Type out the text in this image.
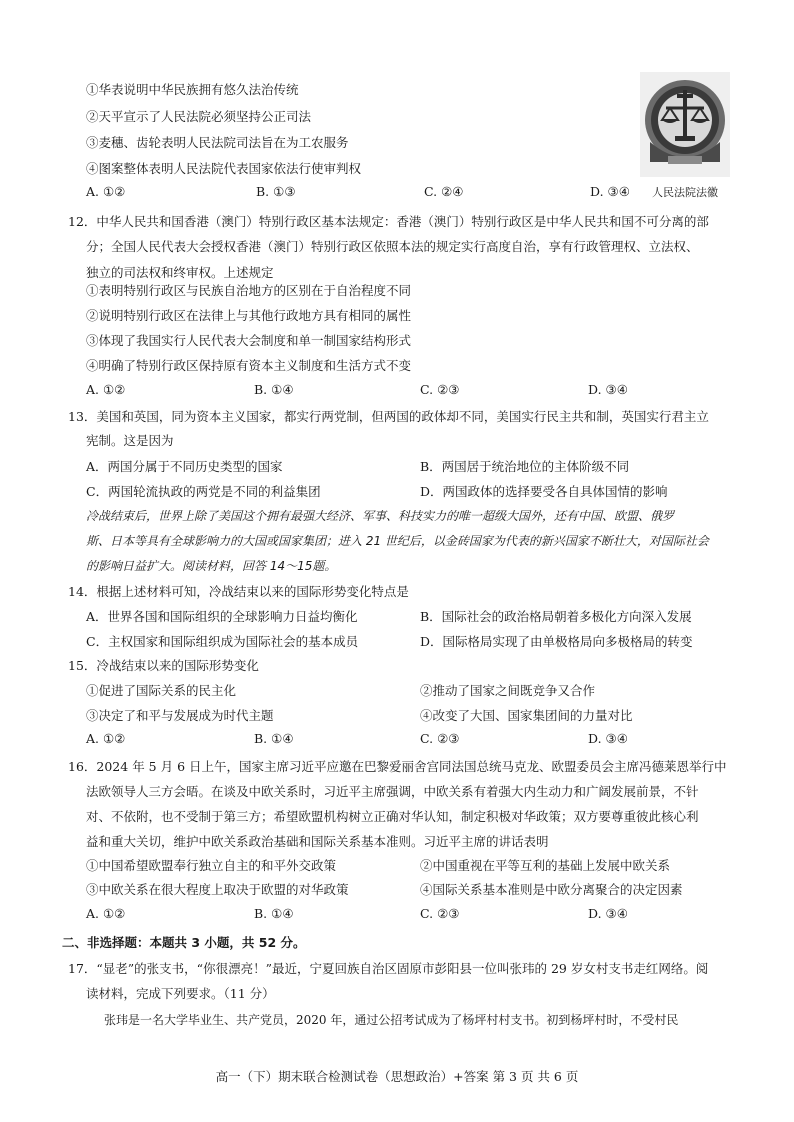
①华表说明中华民族拥有悠久法治传统
②天平宣示了人民法院必须坚持公正司法
③麦穗、齿轮表明人民法院司法旨在为工农服务
④图案整体表明人民法院代表国家依法行使审判权
A. ①②	B. ①③	C. ②④	D. ③④ 人民法院法徽
12．中华人民共和国香港（澳门）特别行政区基本法规定：香港（澳门）特别行政区是中华人民共和国不可分离的部
分；全国人民代表大会授权香港（澳门）特别行政区依照本法的规定实行高度自治，享有行政管理权、立法权、
独立的司法权和终审权。上述规定
①表明特别行政区与民族自治地方的区别在于自治程度不同
②说明特别行政区在法律上与其他行政地方具有相同的属性
③体现了我国实行人民代表大会制度和单一制国家结构形式
④明确了特别行政区保持原有资本主义制度和生活方式不变
A. ①②	B. ①④	C. ②③	D. ③④
13．美国和英国，同为资本主义国家，都实行两党制，但两国的政体却不同，美国实行民主共和制，英国实行君主立
宪制。这是因为
A．两国分属于不同历史类型的国家	B．两国居于统治地位的主体阶级不同
C．两国轮流执政的两党是不同的利益集团	D．两国政体的选择要受各自具体国情的影响
冷战结束后，世界上除了美国这个拥有最强大经济、军事、科技实力的唯一超级大国外，还有中国、欧盟、俄罗
斯、日本等具有全球影响力的大国或国家集团；进入 21 世纪后，以金砖国家为代表的新兴国家不断壮大，对国际社会
的影响日益扩大。阅读材料，回答 14～15题。
14．根据上述材料可知，冷战结束以来的国际形势变化特点是
A．世界各国和国际组织的全球影响力日益均衡化	B．国际社会的政治格局朝着多极化方向深入发展
C．主权国家和国际组织成为国际社会的基本成员	D．国际格局实现了由单极格局向多极格局的转变
15．冷战结束以来的国际形势变化
①促进了国际关系的民主化	②推动了国家之间既竞争又合作
③决定了和平与发展成为时代主题	④改变了大国、国家集团间的力量对比
A. ①②	B. ①④	C. ②③	D. ③④
16．2024 年 5 月 6 日上午，国家主席习近平应邀在巴黎爱丽舍宫同法国总统马克龙、欧盟委员会主席冯德莱恩举行中
法欧领导人三方会晤。在谈及中欧关系时，习近平主席强调，中欧关系有着强大内生动力和广阔发展前景，不针
对、不依附，也不受制于第三方；希望欧盟机构树立正确对华认知，制定积极对华政策；双方要尊重彼此核心利
益和重大关切，维护中欧关系政治基础和国际关系基本准则。习近平主席的讲话表明
①中国希望欧盟奉行独立自主的和平外交政策	②中国重视在平等互利的基础上发展中欧关系
③中欧关系在很大程度上取决于欧盟的对华政策	④国际关系基本准则是中欧分离聚合的决定因素
A. ①②	B. ①④	C. ②③	D. ③④
二、非选择题：本题共 3 小题，共 52 分。
17．“显老”的张支书，“你很漂亮！”最近，宁夏回族自治区固原市彭阳县一位叫张玮的 29 岁女村支书走红网络。阅
读材料，完成下列要求。（11 分）
张玮是一名大学毕业生、共产党员，2020 年，通过公招考试成为了杨坪村村支书。初到杨坪村时，不受村民
高一（下）期末联合检测试卷（思想政治）+答案 第 3 页 共 6 页
